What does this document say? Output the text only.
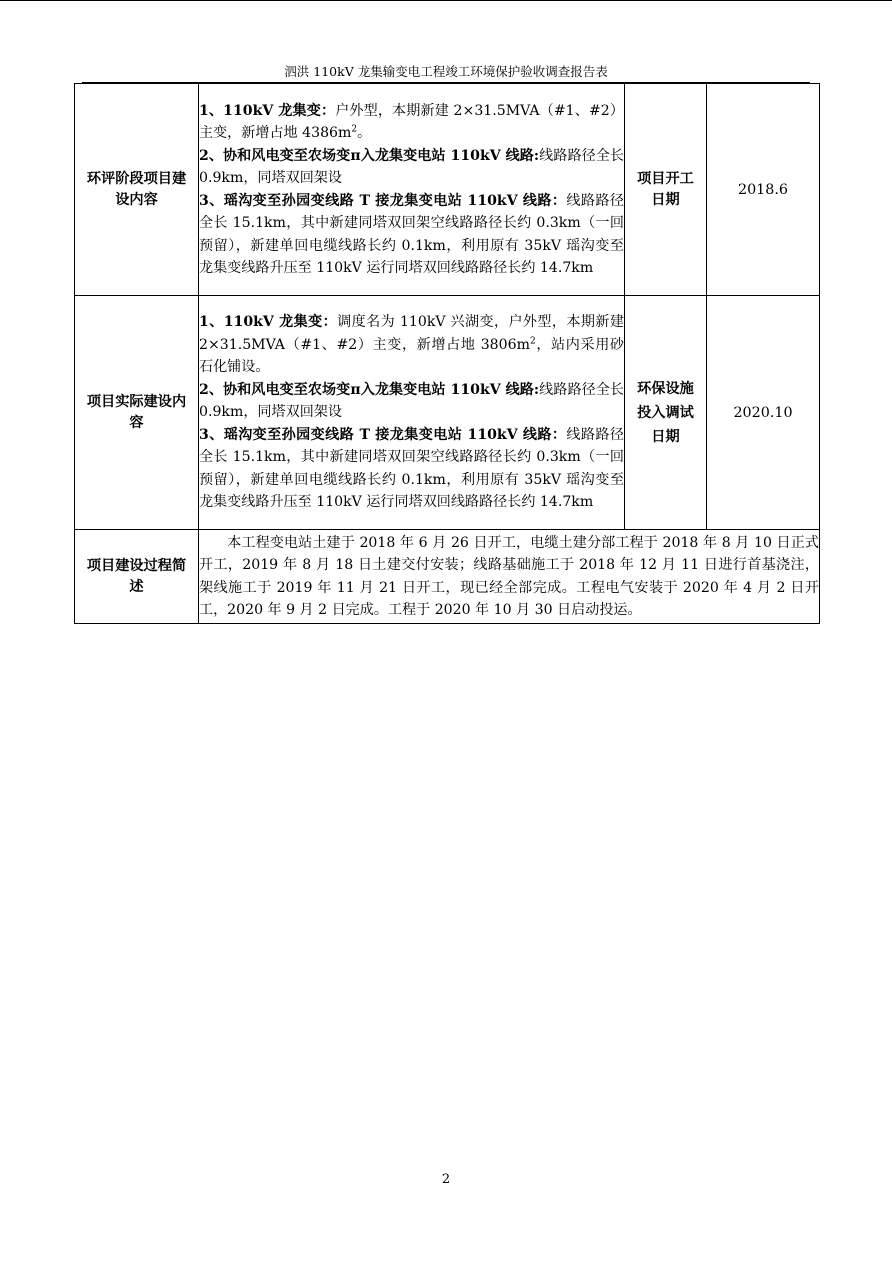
泗洪 110kV 龙集输变电工程竣工环境保护验收调查报告表
环评阶段项目建设内容	1、110kV 龙集变：户外型，本期新建 2×31.5MVA（#1、#2）主变，新增占地 $4386m^2$。

2、协和风电变至农场变π入龙集变电站 110kV 线路:线路路径全长 0.9km，同塔双回架设

3、瑶沟变至孙园变线路 T 接龙集变电站 110kV 线路：线路路径全长 15.1km，其中新建同塔双回架空线路路径长约 0.3km（一回预留），新建单回电缆线路长约 0.1km，利用原有 35kV 瑶沟变至龙集变线路升压至 110kV 运行同塔双回线路路径长约 14.7km	项目开工日期	2018.6

项目实际建设内容	1、110kV 龙集变：调度名为 110kV 兴湖变，户外型，本期新建 2×31.5MVA（#1、#2）主变，新增占地 $3806m^2$，站内采用砂石化铺设。

2、协和风电变至农场变π入龙集变电站 110kV 线路:线路路径全长 0.9km，同塔双回架设

3、瑶沟变至孙园变线路 T 接龙集变电站 110kV 线路：线路路径全长 15.1km，其中新建同塔双回架空线路路径长约 0.3km（一回预留），新建单回电缆线路长约 0.1km，利用原有 35kV 瑶沟变至龙集变线路升压至 110kV 运行同塔双回线路路径长约 14.7km	环保设施投入调试日期	2020.10

项目建设过程简述	本工程变电站土建于 2018 年 6 月 26 日开工，电缆土建分部工程于 2018 年 8 月 10 日正式开工，2019 年 8 月 18 日土建交付安装；线路基础施工于 2018 年 12 月 11 日进行首基浇注，架线施工于 2019 年 11 月 21 日开工，现已经全部完成。工程电气安装于 2020 年 4 月 2 日开工，2020 年 9 月 2 日完成。工程于 2020 年 10 月 30 日启动投运。		

2
